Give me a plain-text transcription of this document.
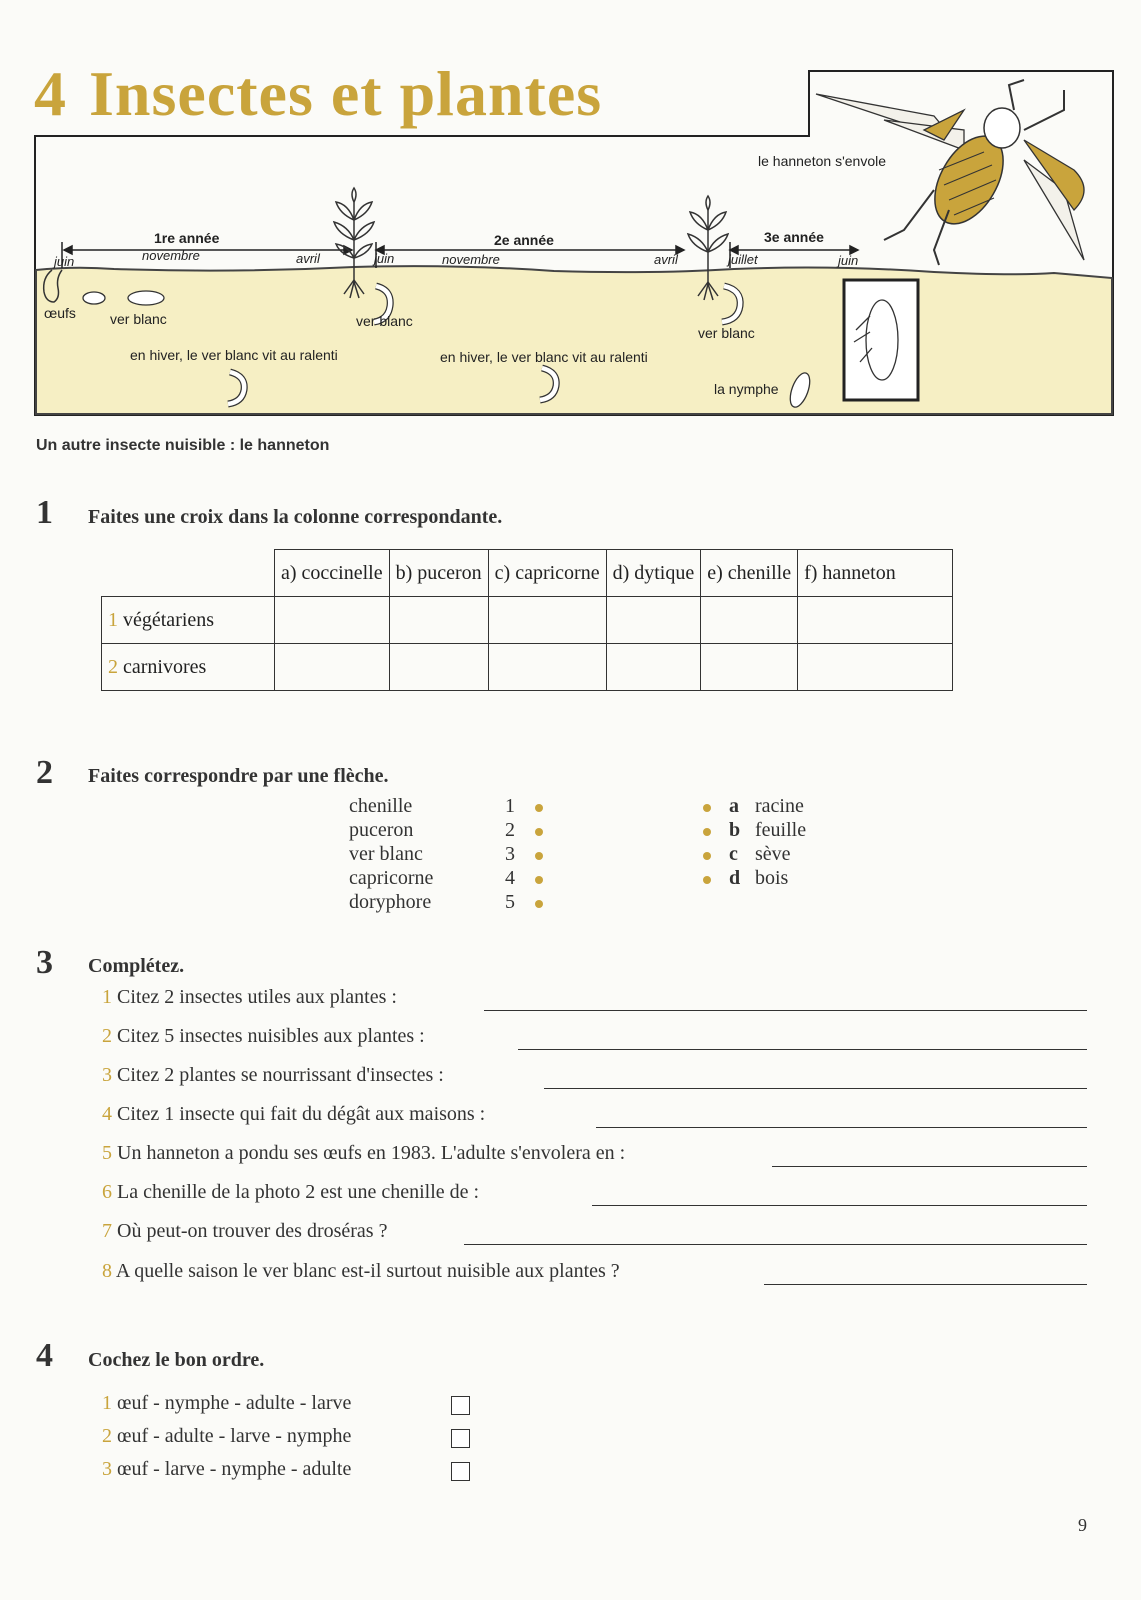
4 Insectes et plantes
1re année	2e année	3e année
juin	novembre	avril	juin	novembre	avril	juillet	juin
œufs ver blanc	ver blanc
ver blanc
en hiver, le ver blanc vit au ralenti	en hiver, le ver blanc vit au ralenti
la nymphe
le hanneton s'envole
Un autre insecte nuisible : le hanneton
1 Faites une croix dans la colonne correspondante.
	a) coccinelle	b) puceron	c) capricorne	d) dytique	e) chenille	f) hanneton
1 végétariens						
2 carnivores						
2 Faites correspondre par une flèche.
chenille	1
puceron	2
ver blanc	3
capricorne	4
doryphore	5
a racine
b feuille
c sève
d bois
3 Complétez.
1 Citez 2 insectes utiles aux plantes :
2 Citez 5 insectes nuisibles aux plantes :
3 Citez 2 plantes se nourrissant d'insectes :
4 Citez 1 insecte qui fait du dégât aux maisons :
5 Un hanneton a pondu ses œufs en 1983. L'adulte s'envolera en :
6 La chenille de la photo 2 est une chenille de :
7 Où peut-on trouver des droséras ?
8 A quelle saison le ver blanc est-il surtout nuisible aux plantes ?
4 Cochez le bon ordre.
1 œuf - nymphe - adulte - larve
2 œuf - adulte - larve - nymphe
3 œuf - larve - nymphe - adulte
9
